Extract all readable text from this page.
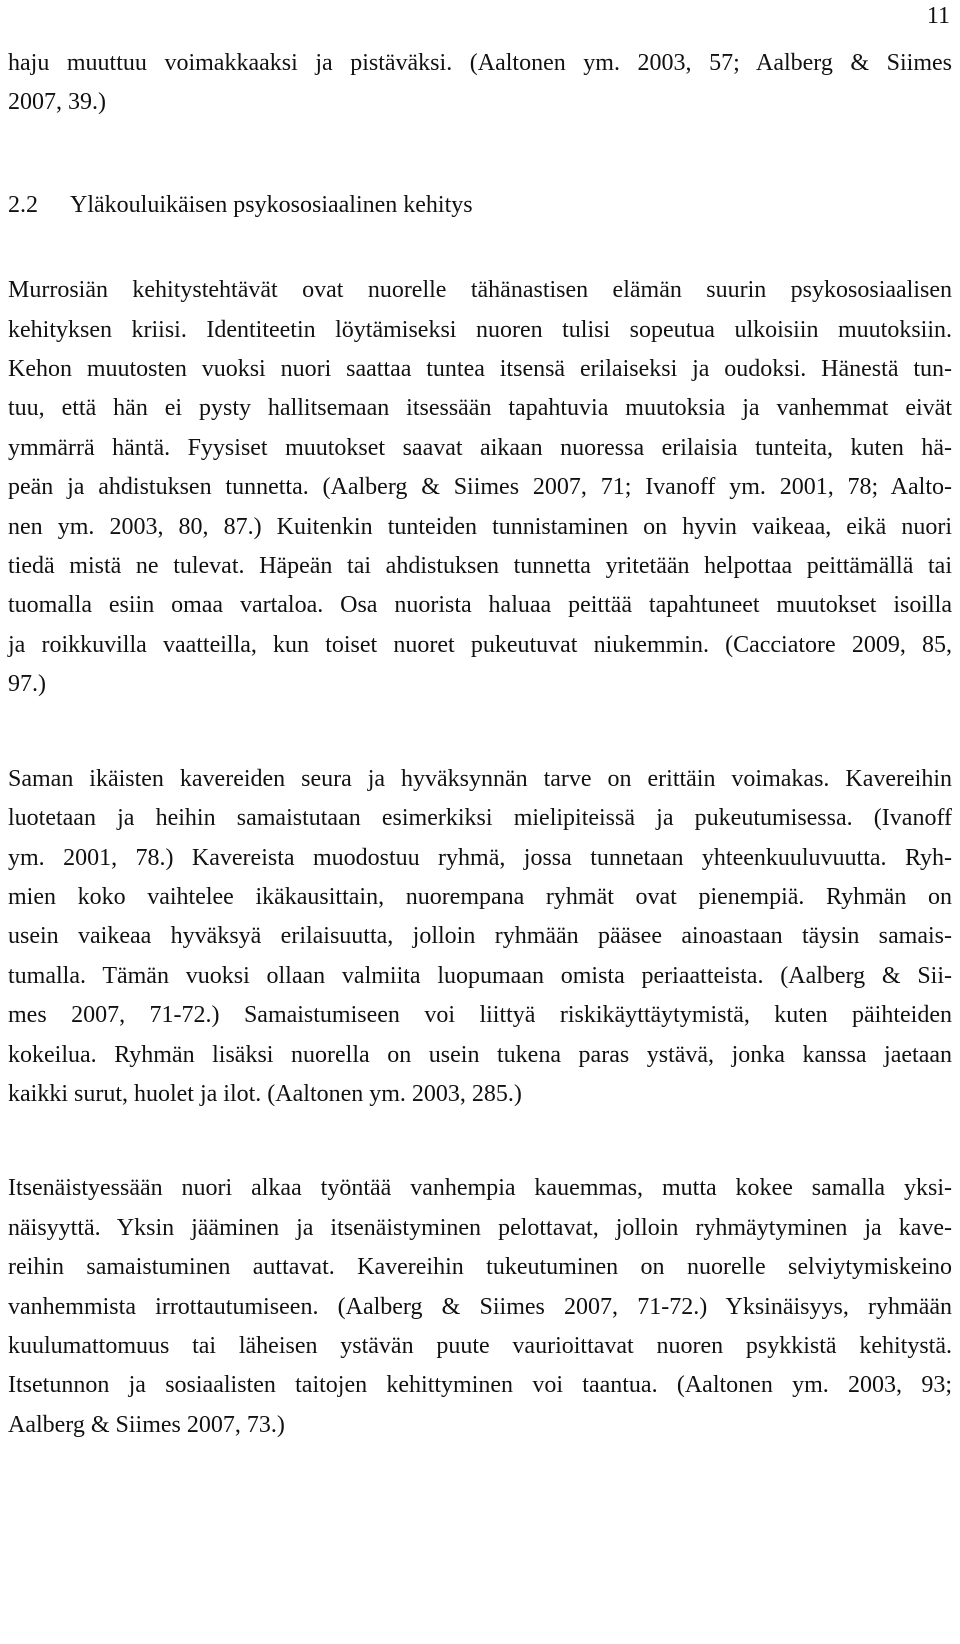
11

haju muuttuu voimakkaaksi ja pistäväksi. (Aaltonen ym. 2003, 57; Aalberg & Siimes
2007, 39.)

2.2 Yläkouluikäisen psykososiaalinen kehitys

Murrosiän kehitystehtävät ovat nuorelle tähänastisen elämän suurin psykososiaalisen
kehityksen kriisi. Identiteetin löytämiseksi nuoren tulisi sopeutua ulkoisiin muutoksiin.
Kehon muutosten vuoksi nuori saattaa tuntea itsensä erilaiseksi ja oudoksi. Hänestä tun-
tuu, että hän ei pysty hallitsemaan itsessään tapahtuvia muutoksia ja vanhemmat eivät
ymmärrä häntä. Fyysiset muutokset saavat aikaan nuoressa erilaisia tunteita, kuten hä-
peän ja ahdistuksen tunnetta. (Aalberg & Siimes 2007, 71; Ivanoff ym. 2001, 78; Aalto-
nen ym. 2003, 80, 87.) Kuitenkin tunteiden tunnistaminen on hyvin vaikeaa, eikä nuori
tiedä mistä ne tulevat. Häpeän tai ahdistuksen tunnetta yritetään helpottaa peittämällä tai
tuomalla esiin omaa vartaloa. Osa nuorista haluaa peittää tapahtuneet muutokset isoilla
ja roikkuvilla vaatteilla, kun toiset nuoret pukeutuvat niukemmin. (Cacciatore 2009, 85,
97.)

Saman ikäisten kavereiden seura ja hyväksynnän tarve on erittäin voimakas. Kavereihin
luotetaan ja heihin samaistutaan esimerkiksi mielipiteissä ja pukeutumisessa. (Ivanoff
ym. 2001, 78.) Kavereista muodostuu ryhmä, jossa tunnetaan yhteenkuuluvuutta. Ryh-
mien koko vaihtelee ikäkausittain, nuorempana ryhmät ovat pienempiä. Ryhmän on
usein vaikeaa hyväksyä erilaisuutta, jolloin ryhmään pääsee ainoastaan täysin samais-
tumalla. Tämän vuoksi ollaan valmiita luopumaan omista periaatteista. (Aalberg & Sii-
mes 2007, 71-72.) Samaistumiseen voi liittyä riskikäyttäytymistä, kuten päihteiden
kokeilua. Ryhmän lisäksi nuorella on usein tukena paras ystävä, jonka kanssa jaetaan
kaikki surut, huolet ja ilot. (Aaltonen ym. 2003, 285.)

Itsenäistyessään nuori alkaa työntää vanhempia kauemmas, mutta kokee samalla yksi-
näisyyttä. Yksin jääminen ja itsenäistyminen pelottavat, jolloin ryhmäytyminen ja kave-
reihin samaistuminen auttavat. Kavereihin tukeutuminen on nuorelle selviytymiskeino
vanhemmista irrottautumiseen. (Aalberg & Siimes 2007, 71-72.) Yksinäisyys, ryhmään
kuulumattomuus tai läheisen ystävän puute vaurioittavat nuoren psykkistä kehitystä.
Itsetunnon ja sosiaalisten taitojen kehittyminen voi taantua. (Aaltonen ym. 2003, 93;
Aalberg & Siimes 2007, 73.)
